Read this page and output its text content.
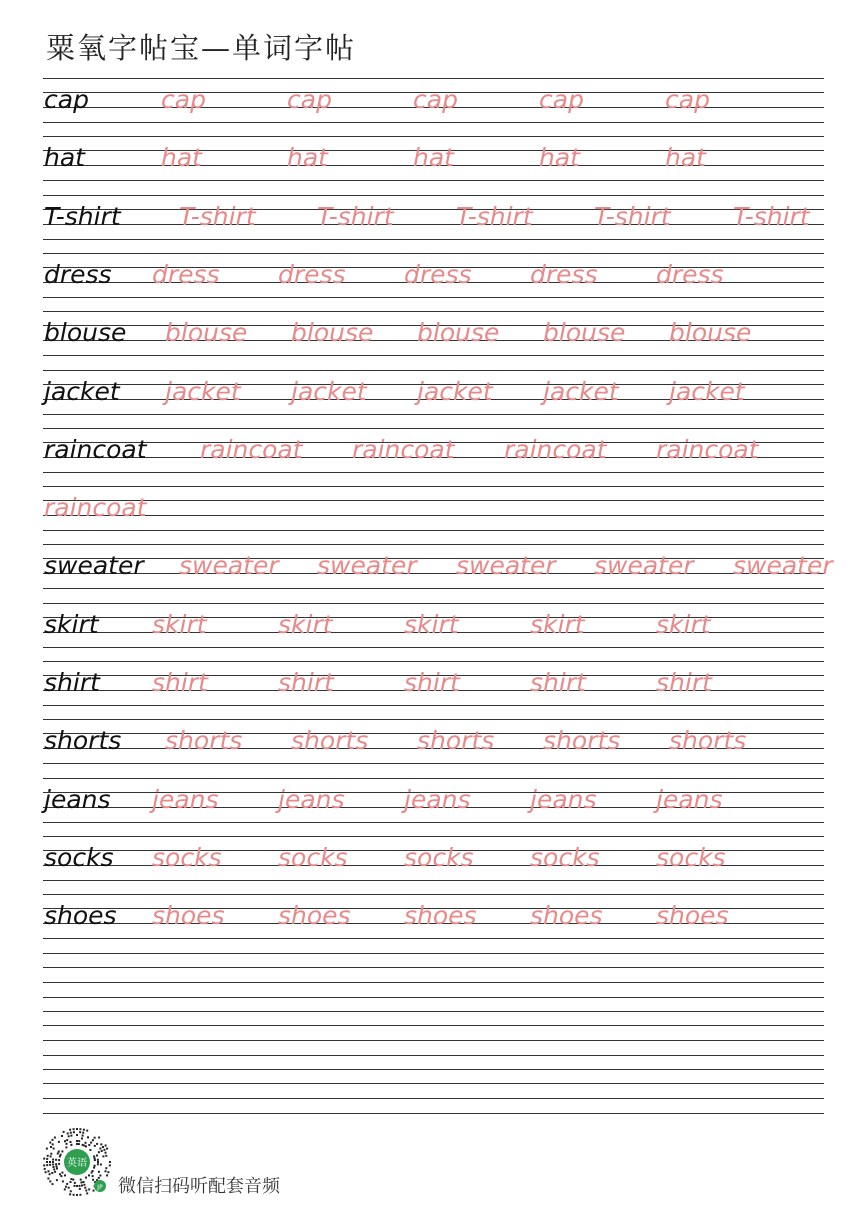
粟氧字帖宝—单词字帖
cap	cap	cap	cap	cap	cap
hat	hat	hat	hat	hat	hat
T-shirt T-shirt T-shirt T-shirt T-shirt T-shirt
dress dress dress dress dress dress
blouse blouse blouse blouse blouse blouse
jacket jacket jacket jacket jacket jacket
raincoat raincoat raincoat raincoat raincoat
raincoat
sweater sweater sweater sweater sweater sweater
skirt skirt	skirt	skirt	skirt	skirt
shirt shirt	shirt	shirt	shirt	shirt
shorts shorts shorts shorts shorts shorts
jeans jeans jeans jeans jeans jeans
socks socks socks socks socks socks
shoes shoes shoes shoes shoes shoes
英语
JP 微信扫码听配套音频
